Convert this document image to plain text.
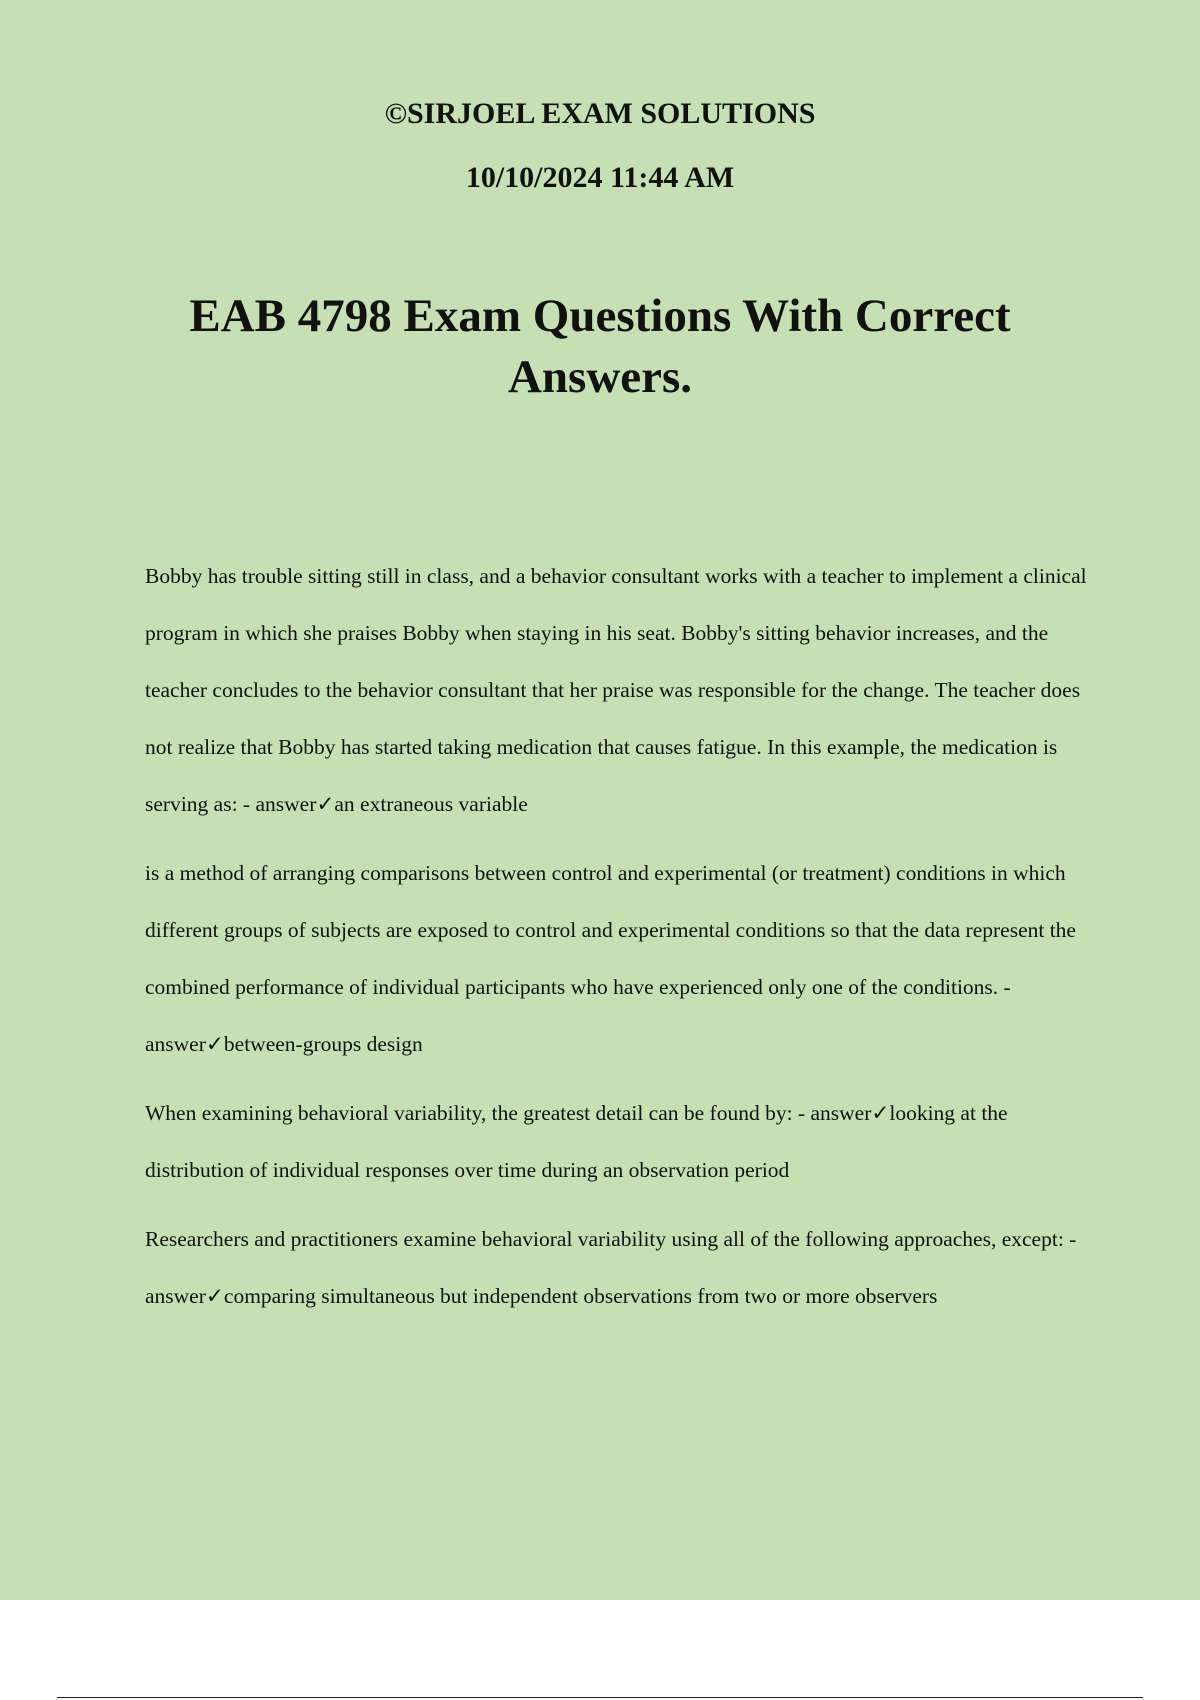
©SIRJOEL EXAM SOLUTIONS

10/10/2024 11:44 AM

EAB 4798 Exam Questions With Correct Answers.

Bobby has trouble sitting still in class, and a behavior consultant works with a teacher to implement a clinical program in which she praises Bobby when staying in his seat. Bobby's sitting behavior increases, and the teacher concludes to the behavior consultant that her praise was responsible for the change. The teacher does not realize that Bobby has started taking medication that causes fatigue. In this example, the medication is serving as: - answer✓an extraneous variable

is a method of arranging comparisons between control and experimental (or treatment) conditions in which different groups of subjects are exposed to control and experimental conditions so that the data represent the combined performance of individual participants who have experienced only one of the conditions. - answer✓between-groups design

When examining behavioral variability, the greatest detail can be found by: - answer✓looking at the distribution of individual responses over time during an observation period

Researchers and practitioners examine behavioral variability using all of the following approaches, except: - answer✓comparing simultaneous but independent observations from two or more observers
